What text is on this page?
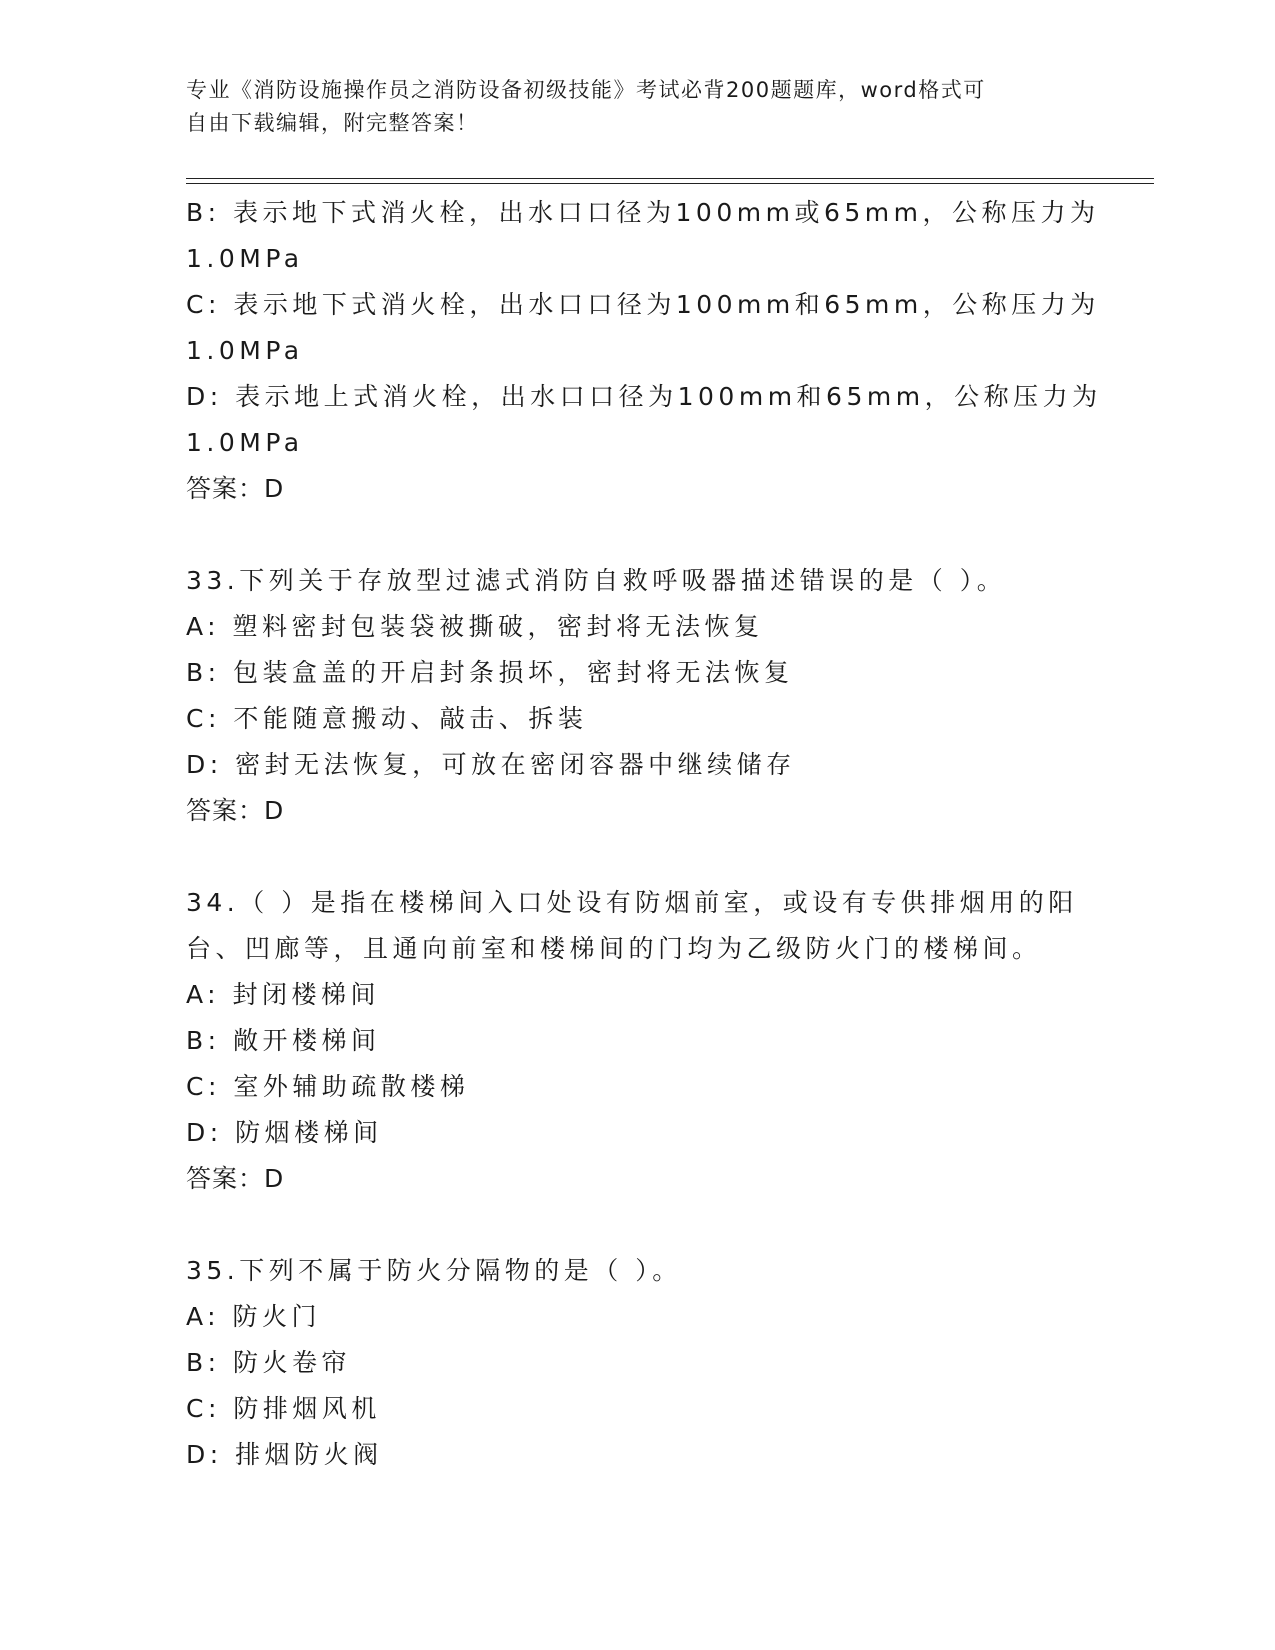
专业《消防设施操作员之消防设备初级技能》考试必背200题题库，word格式可
自由下载编辑，附完整答案！
B: 表示地下式消火栓，出水口口径为100mm或65mm，公称压力为
1.0MPa
C: 表示地下式消火栓，出水口口径为100mm和65mm，公称压力为
1.0MPa
D: 表示地上式消火栓，出水口口径为100mm和65mm，公称压力为
1.0MPa
答案：D
33.下列关于存放型过滤式消防自救呼吸器描述错误的是（ ）。
A: 塑料密封包装袋被撕破，密封将无法恢复
B: 包装盒盖的开启封条损坏，密封将无法恢复
C: 不能随意搬动、敲击、拆装
D: 密封无法恢复，可放在密闭容器中继续储存
答案：D
34.（ ）是指在楼梯间入口处设有防烟前室，或设有专供排烟用的阳
台、凹廊等，且通向前室和楼梯间的门均为乙级防火门的楼梯间。
A: 封闭楼梯间
B: 敞开楼梯间
C: 室外辅助疏散楼梯
D: 防烟楼梯间
答案：D
35.下列不属于防火分隔物的是（ ）。
A: 防火门
B: 防火卷帘
C: 防排烟风机
D: 排烟防火阀
